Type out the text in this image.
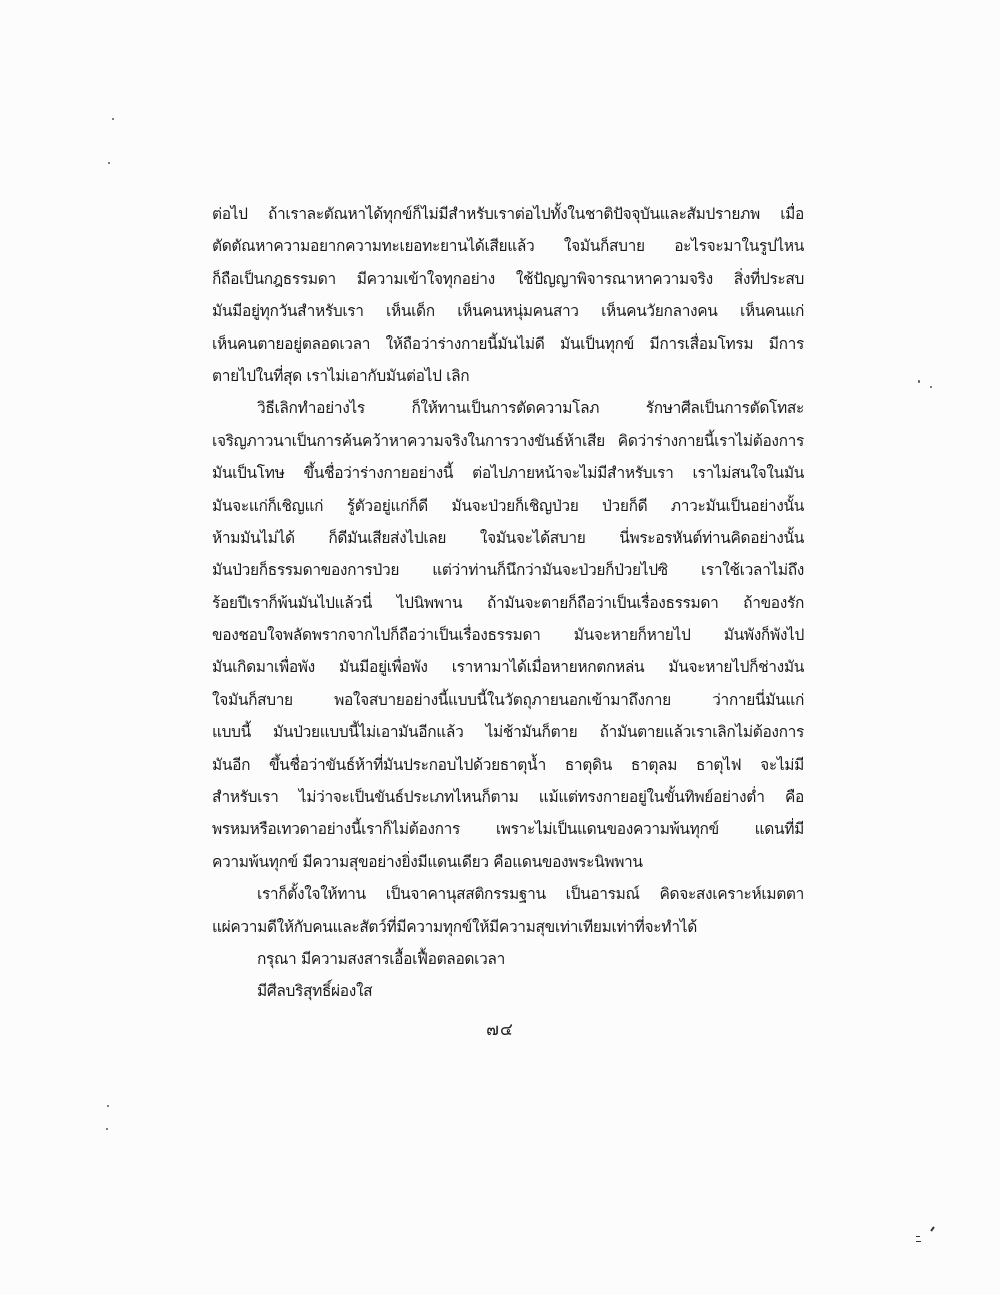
ต่อไป ถ้าเราละตัณหาได้ทุกข์ก็ไม่มีสำหรับเราต่อไปทั้งในชาติปัจจุบันและสัมปรายภพ เมื่อ
ตัดตัณหาความอยากความทะเยอทะยานได้เสียแล้ว ใจมันก็สบาย อะไรจะมาในรูปไหน
ก็ถือเป็นกฎธรรมดา มีความเข้าใจทุกอย่าง ใช้ปัญญาพิจารณาหาความจริง สิ่งที่ประสบ
มันมีอยู่ทุกวันสำหรับเรา เห็นเด็ก เห็นคนหนุ่มคนสาว เห็นคนวัยกลางคน เห็นคนแก่
เห็นคนตายอยู่ตลอดเวลา ให้ถือว่าร่างกายนี้มันไม่ดี มันเป็นทุกข์ มีการเสื่อมโทรม มีการ
ตายไปในที่สุด เราไม่เอากับมันต่อไป เลิก
วิธีเลิกทำอย่างไร ก็ให้ทานเป็นการตัดความโลภ รักษาศีลเป็นการตัดโทสะ
เจริญภาวนาเป็นการค้นคว้าหาความจริงในการวางขันธ์ห้าเสีย คิดว่าร่างกายนี้เราไม่ต้องการ
มันเป็นโทษ ขึ้นชื่อว่าร่างกายอย่างนี้ ต่อไปภายหน้าจะไม่มีสำหรับเรา เราไม่สนใจในมัน
มันจะแก่ก็เชิญแก่ รู้ตัวอยู่แก่ก็ดี มันจะป่วยก็เชิญป่วย ป่วยก็ดี ภาวะมันเป็นอย่างนั้น
ห้ามมันไม่ได้ ก็ดีมันเสียส่งไปเลย ใจมันจะได้สบาย นี่พระอรหันต์ท่านคิดอย่างนั้น
มันป่วยก็ธรรมดาของการป่วย แต่ว่าท่านก็นึกว่ามันจะป่วยก็ป่วยไปซิ เราใช้เวลาไม่ถึง
ร้อยปีเราก็พ้นมันไปแล้วนี่ ไปนิพพาน ถ้ามันจะตายก็ถือว่าเป็นเรื่องธรรมดา ถ้าของรัก
ของชอบใจพลัดพรากจากไปก็ถือว่าเป็นเรื่องธรรมดา มันจะหายก็หายไป มันพังก็พังไป
มันเกิดมาเพื่อพัง มันมีอยู่เพื่อพัง เราหามาได้เมื่อหายหกตกหล่น มันจะหายไปก็ช่างมัน
ใจมันก็สบาย พอใจสบายอย่างนี้แบบนี้ในวัตถุภายนอกเข้ามาถึงกาย ว่ากายนี่มันแก่
แบบนี้ มันป่วยแบบนี้ไม่เอามันอีกแล้ว ไม่ช้ามันก็ตาย ถ้ามันตายแล้วเราเลิกไม่ต้องการ
มันอีก ขึ้นชื่อว่าขันธ์ห้าที่มันประกอบไปด้วยธาตุน้ำ ธาตุดิน ธาตุลม ธาตุไฟ จะไม่มี
สำหรับเรา ไม่ว่าจะเป็นขันธ์ประเภทไหนก็ตาม แม้แต่ทรงกายอยู่ในขั้นทิพย์อย่างต่ำ คือ
พรหมหรือเทวดาอย่างนี้เราก็ไม่ต้องการ เพราะไม่เป็นแดนของความพ้นทุกข์ แดนที่มี
ความพ้นทุกข์ มีความสุขอย่างยิ่งมีแดนเดียว คือแดนของพระนิพพาน
เราก็ตั้งใจให้ทาน เป็นจาคานุสสติกรรมฐาน เป็นอารมณ์ คิดจะสงเคราะห์เมตตา
แผ่ความดีให้กับคนและสัตว์ที่มีความทุกข์ให้มีความสุขเท่าเทียมเท่าที่จะทำได้
กรุณา มีความสงสารเอื้อเฟื้อตลอดเวลา
มีศีลบริสุทธิ์ผ่องใส
๗๔
